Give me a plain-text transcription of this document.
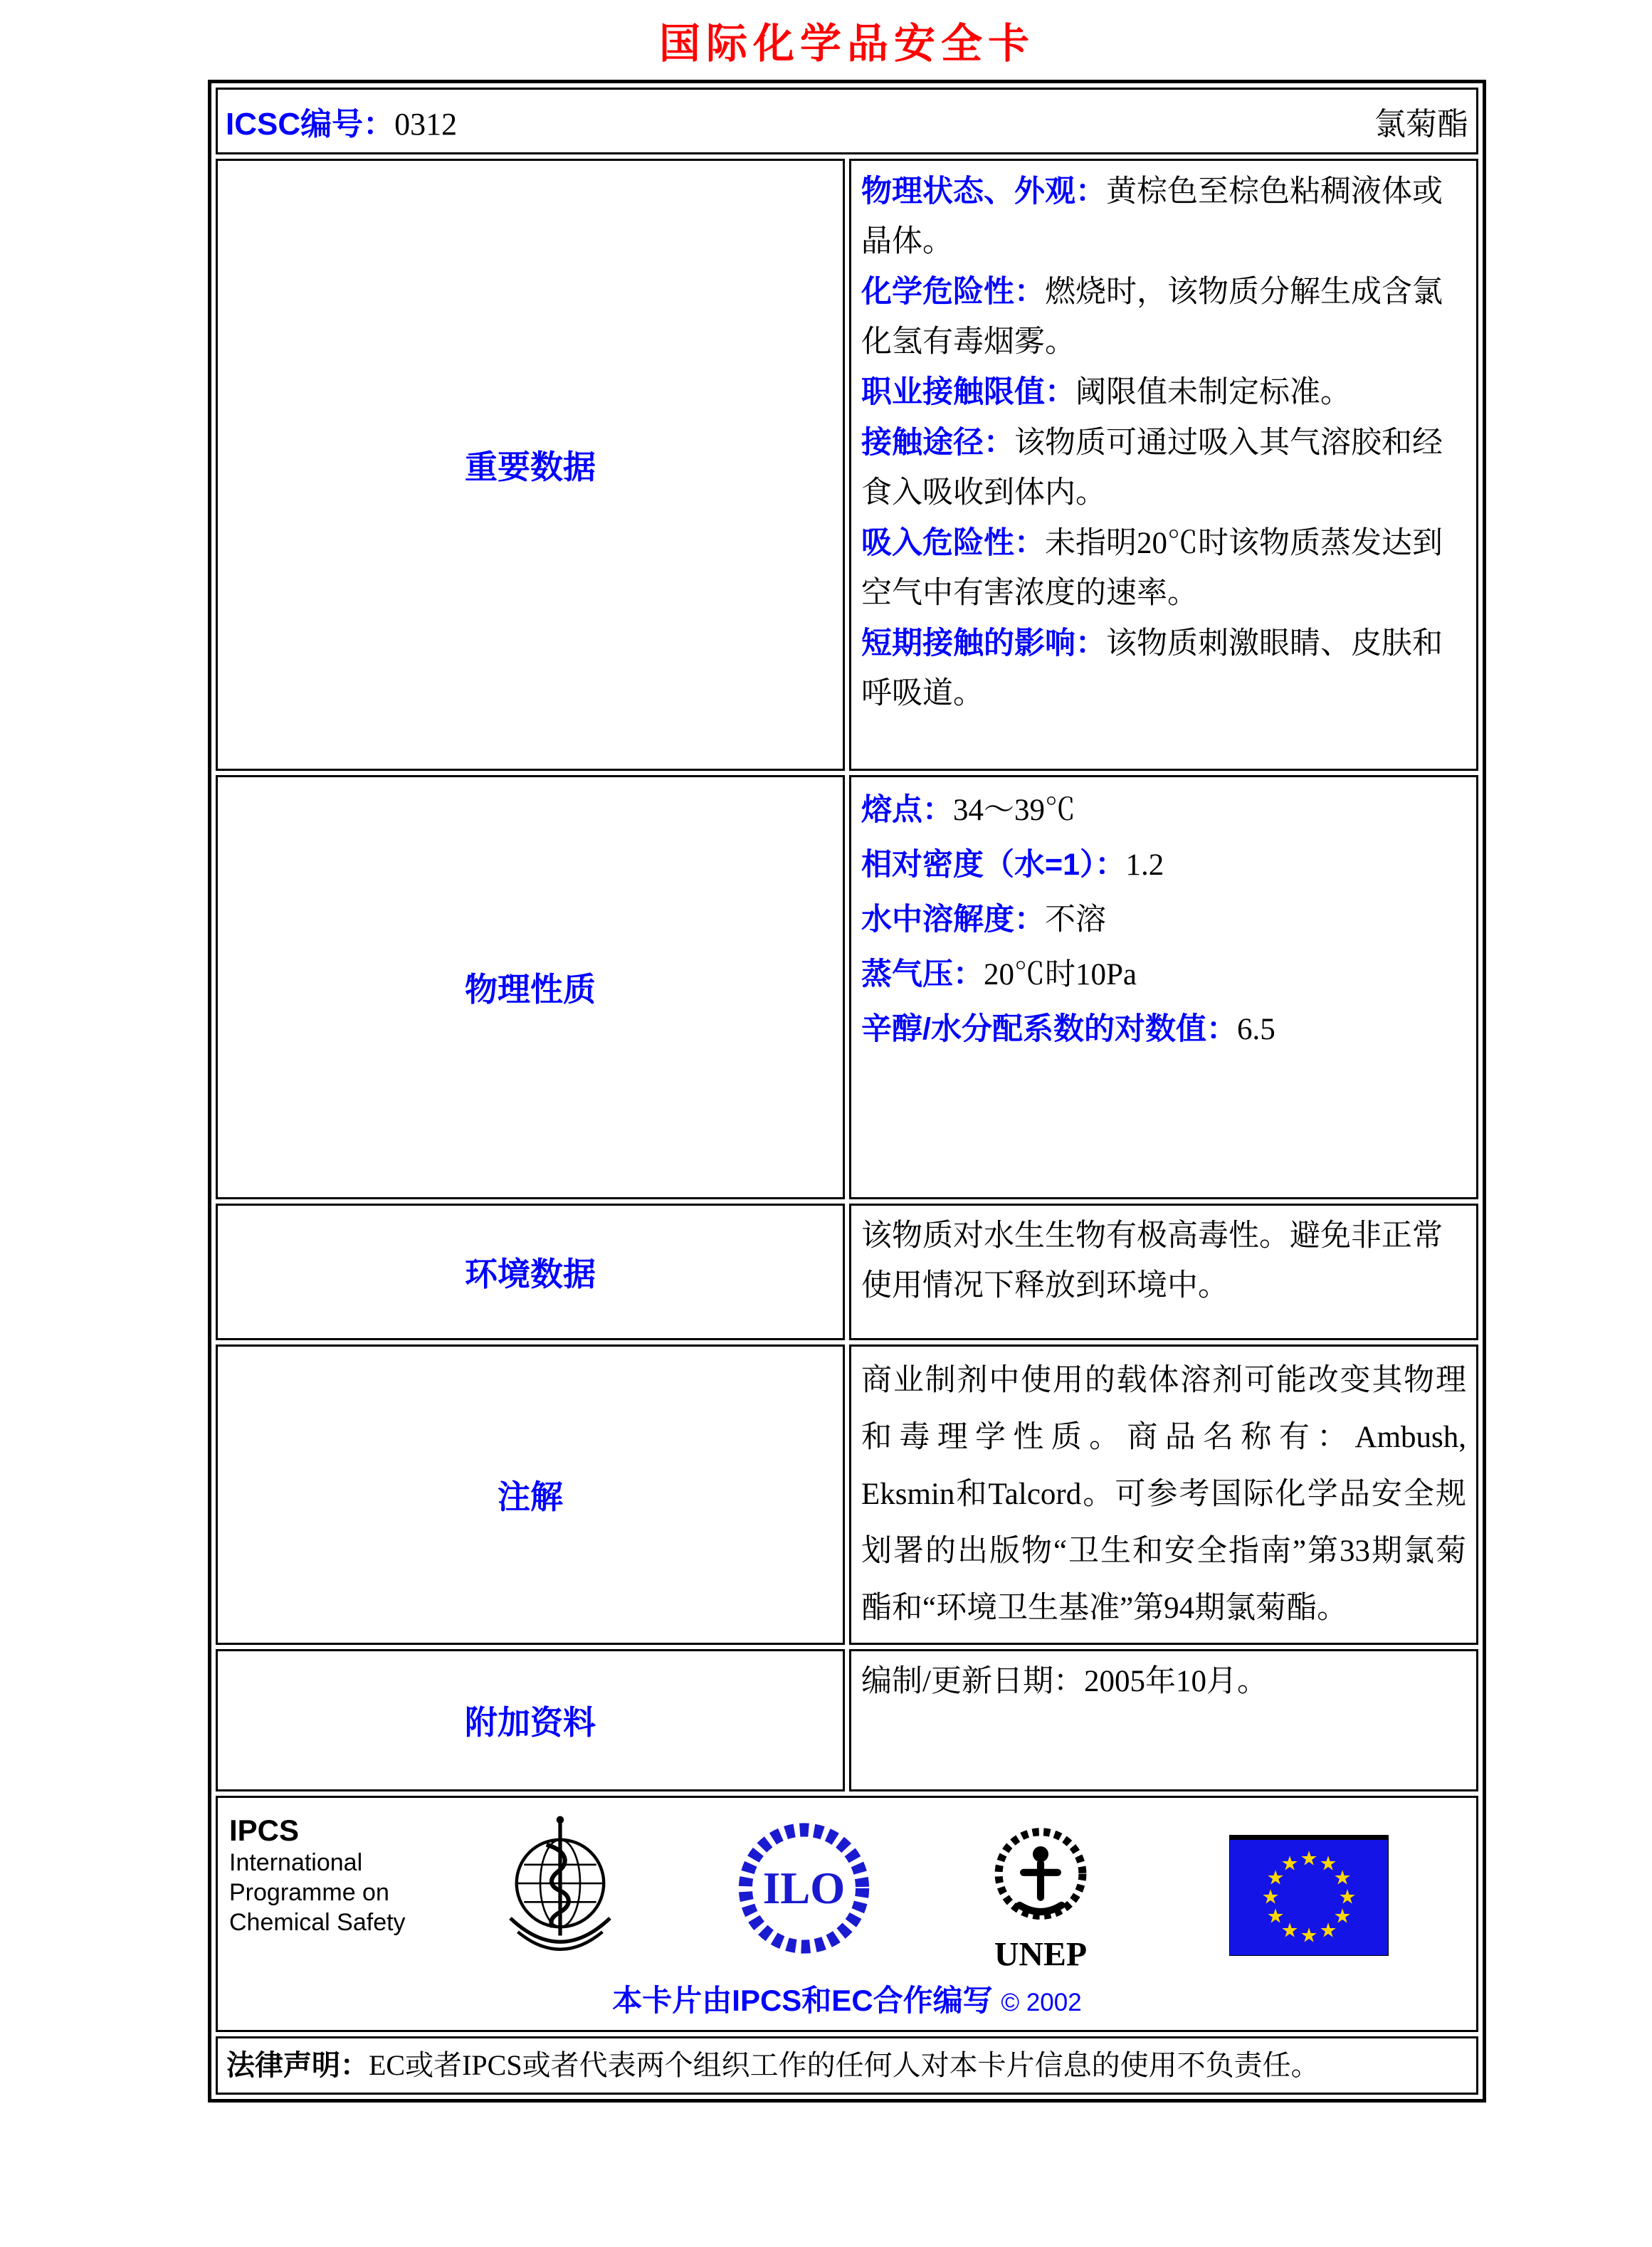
国际化学品安全卡
ICSC编号：0312 氯菊酯	

重要数据	
物理状态、外观：黄棕色至棕色粘稠液体或晶体。
化学危险性：燃烧时，该物质分解生成含氯化氢有毒烟雾。
职业接触限值：阈限值未制定标准。
接触途径：该物质可通过吸入其气溶胶和经食入吸收到体内。
吸入危险性：未指明20℃时该物质蒸发达到空气中有害浓度的速率。
短期接触的影响：该物质刺激眼睛、皮肤和呼吸道。

物理性质	熔点：34～39℃
相对密度（水=1）：1.2
水中溶解度：不溶
蒸气压：20℃时10Pa
辛醇/水分配系数的对数值：6.5

环境数据	该物质对水生生物有极高毒性。避免非正常使用情况下释放到环境中。

注解	商业制剂中使用的载体溶剂可能改变其物理和毒理学性质。商品名称有：Ambush, Eksmin和Talcord。可参考国际化学品安全规划署的出版物“卫生和安全指南”第33期氯菊酯和“环境卫生基准”第94期氯菊酯。

附加资料	编制/更新日期：2005年10月。

IPCS
International
Programme on
Chemical Safety
ILO
UNEP
★ ★
★
★
★
★
★
★
★
★
★
★
本卡片由IPCS和EC合作编写 © 2002

法律声明：EC或者IPCS或者代表两个组织工作的任何人对本卡片信息的使用不负责任。	
